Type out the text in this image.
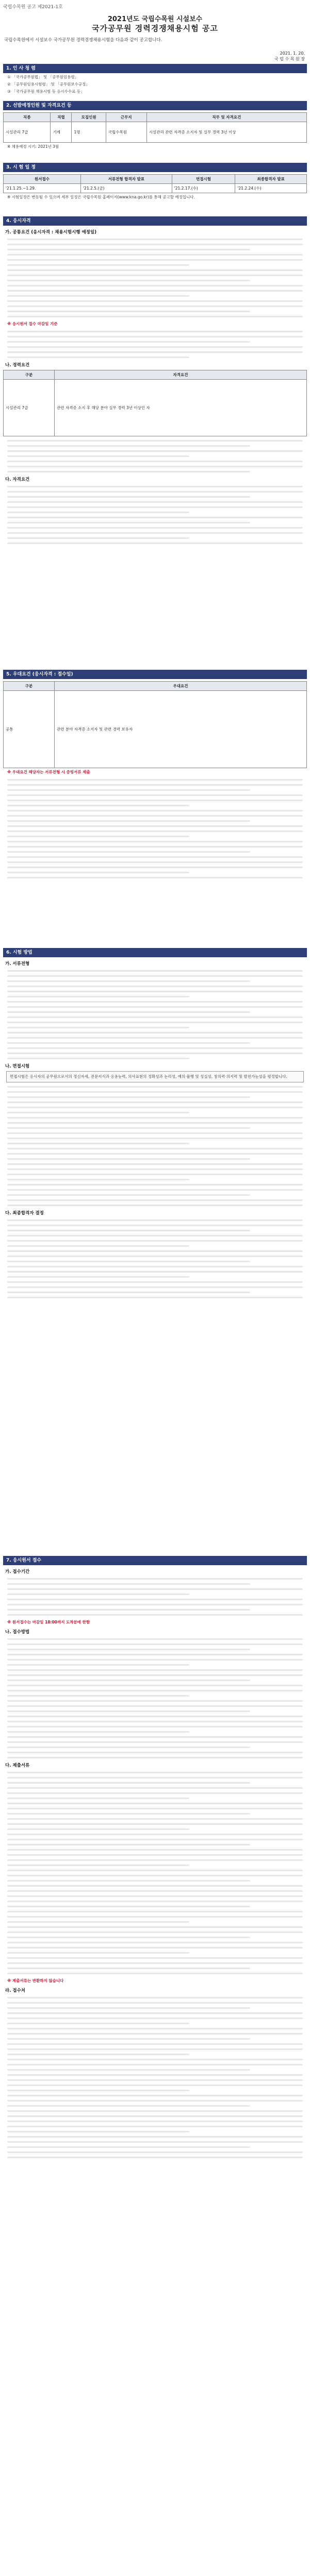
국립수목원 공고 제2021-1호
2021년도 국립수목원 시설보수
국가공무원 경력경쟁채용시험 공고
국립수목원에서 시설보수 국가공무원 경력경쟁채용시험을 다음과 같이 공고합니다.
2021. 1. 20.
국 립 수 목 원 장
1. 인 사 청 렴
① 「국가공무원법」 및 「공무원임용령」
② 「공무원임용시험령」 및 「공무원보수규정」
③ 「국가공무원 채용시험 등 응시수수료 등」
2. 선발예정인원 및 자격요건 등
직종	직렬	모집인원	근무지	직무 및 자격요건
시설관리 7급	기계	1명	국립수목원	시설관리 관련 자격증 소지자 및 실무 경력 3년 이상
※ 채용예정 시기: 2021년 3월
3. 시 험 일 정
원서접수	서류전형 합격자 발표	면접시험	최종합격자 발표
'21.1.25.~1.29.	'21.2.5.(금)	'21.2.17.(수)	'21.2.24.(수)
※ 시험일정은 변동될 수 있으며 세부 일정은 국립수목원 홈페이지(www.kna.go.kr)를 통해 공고할 예정입니다.
4. 응시자격
가. 공통요건 (응시자격 : 채용시험시행 예정일)
※ 응시원서 접수 마감일 기준
나. 경력요건
구분	자격요건
시설관리 7급	관련 자격증 소지 후 해당 분야 실무 경력 3년 이상인 자
다. 자격요건
5. 우대요건 (응시자격 : 접수일)
구분	우대요건
공통	관련 분야 자격증 소지자 및 관련 경력 보유자
※ 우대요건 해당자는 서류전형 시 증빙서류 제출
6. 시험 방법
가. 서류전형
나. 면접시험
면접시험은 응시자의 공무원으로서의 정신자세, 전문지식과 응용능력, 의사표현의 정확성과 논리성, 예의·품행 및 성실성, 창의력·의지력 및 발전가능성을 평정합니다.
다. 최종합격자 결정
7. 응시원서 접수
가. 접수기간
※ 원서접수는 마감일 18:00까지 도착분에 한함
나. 접수방법
다. 제출서류
※ 제출서류는 반환하지 않습니다
라. 접수처
